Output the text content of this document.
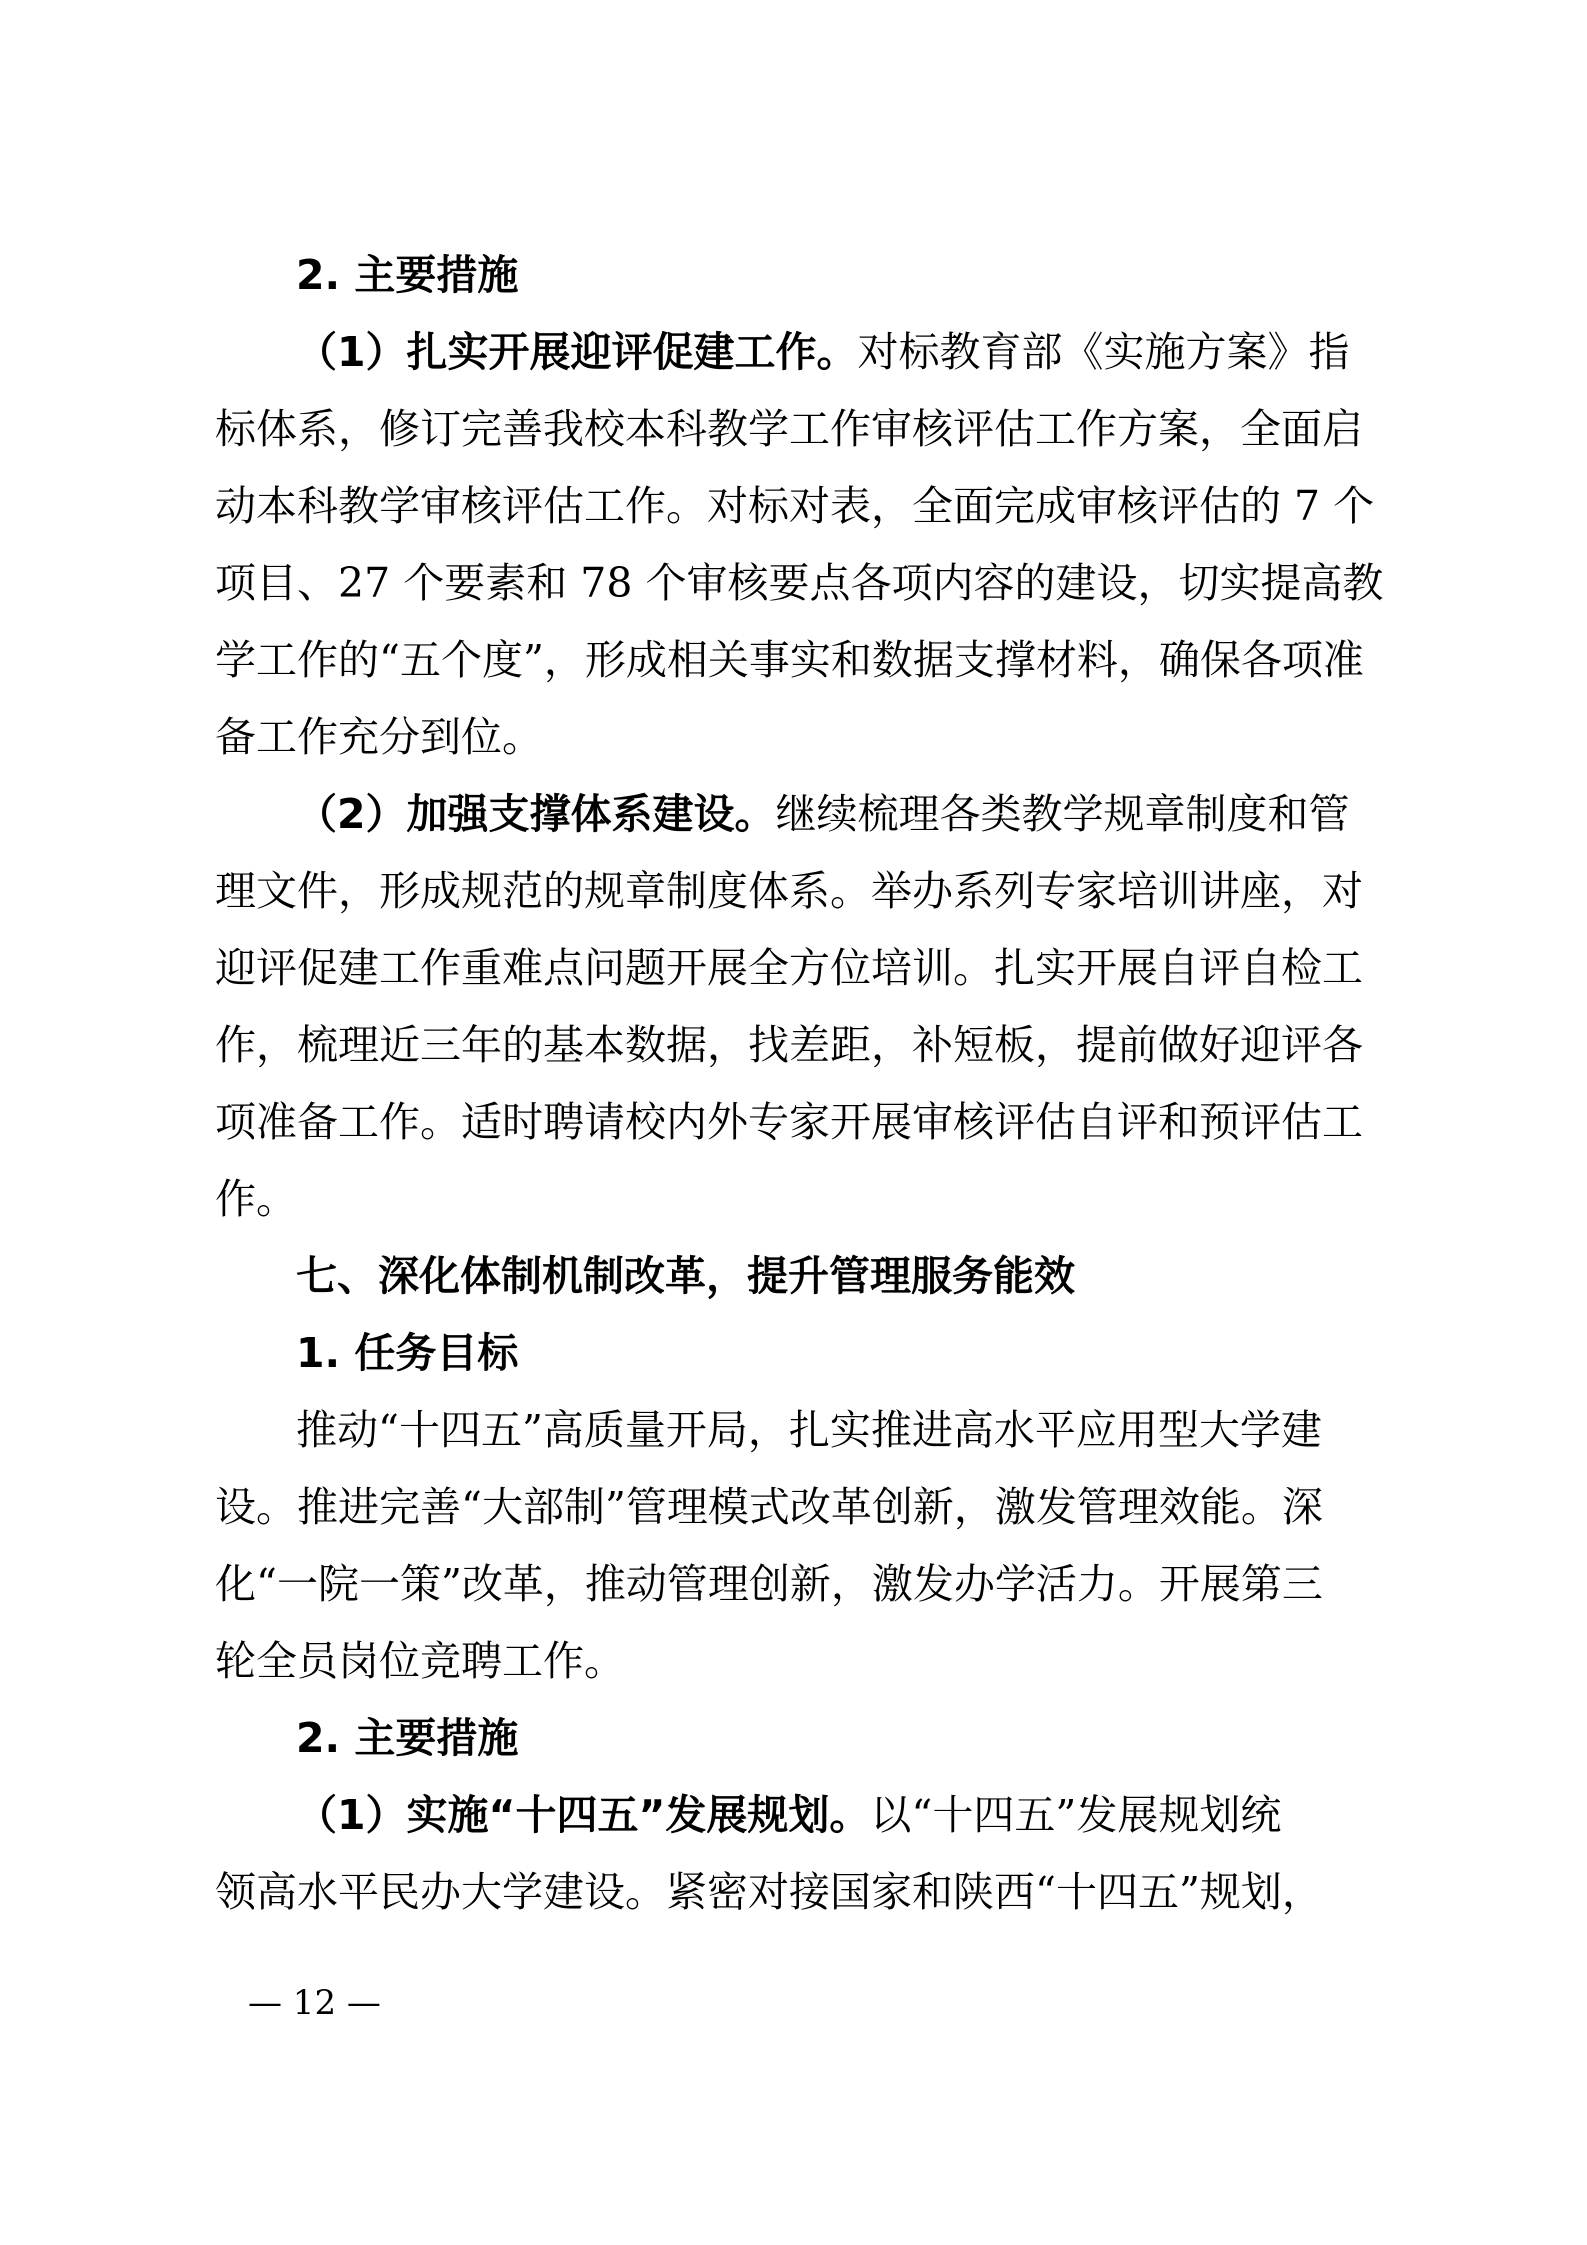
2. 主要措施
（1）扎实开展迎评促建工作。对标教育部《实施方案》指
标体系，修订完善我校本科教学工作审核评估工作方案，全面启
动本科教学审核评估工作。对标对表，全面完成审核评估的 7 个
项目、27 个要素和 78 个审核要点各项内容的建设，切实提高教
学工作的“五个度”，形成相关事实和数据支撑材料，确保各项准
备工作充分到位。
（2）加强支撑体系建设。继续梳理各类教学规章制度和管
理文件，形成规范的规章制度体系。举办系列专家培训讲座，对
迎评促建工作重难点问题开展全方位培训。扎实开展自评自检工
作，梳理近三年的基本数据，找差距，补短板，提前做好迎评各
项准备工作。适时聘请校内外专家开展审核评估自评和预评估工
作。
七、深化体制机制改革，提升管理服务能效
1. 任务目标
推动“十四五”高质量开局，扎实推进高水平应用型大学建
设。推进完善“大部制”管理模式改革创新，激发管理效能。深
化“一院一策”改革，推动管理创新，激发办学活力。开展第三
轮全员岗位竞聘工作。
2. 主要措施
（1）实施“十四五”发展规划。以“十四五”发展规划统
领高水平民办大学建设。紧密对接国家和陕西“十四五”规划，
— 12 —
